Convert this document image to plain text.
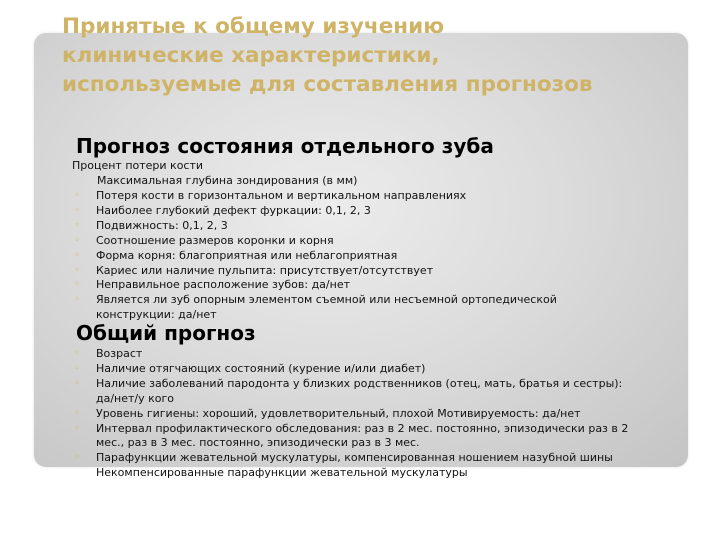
Принятые к общему изучению
клинические характеристики,
используемые для составления прогнозов
Прогноз состояния отдельного зуба
Процент потери кости
Максимальная глубина зондирования (в мм)
◦ Потеря кости в горизонтальном и вертикальном направлениях
◦ Наиболее глубокий дефект фуркации: 0,1, 2, 3
◦ Подвижность: 0,1, 2, 3
◦ Соотношение размеров коронки и корня
◦ Форма корня: благоприятная или неблагоприятная
◦ Кариес или наличие пульпита: присутствует/отсутствует
◦ Неправильное расположение зубов: да/нет
◦ Является ли зуб опорным элементом съемной или несъемной ортопедической
конструкции: да/нет
Общий прогноз
◦ Возраст
◦ Наличие отягчающих состояний (курение и/или диабет)
◦ Наличие заболеваний пародонта у близких родственников (отец, мать, братья и сестры):
да/нет/у кого
◦ Уровень гигиены: хороший, удовлетворительный, плохой Мотивируемость: да/нет
◦ Интервал профилактического обследования: раз в 2 мес. постоянно, эпизодически раз в 2
мес., раз в 3 мес. постоянно, эпизодически раз в 3 мес.
◦ Парафункции жевательной мускулатуры, компенсированная ношением назубной шины
Некомпенсированные парафункции жевательной мускулатуры
